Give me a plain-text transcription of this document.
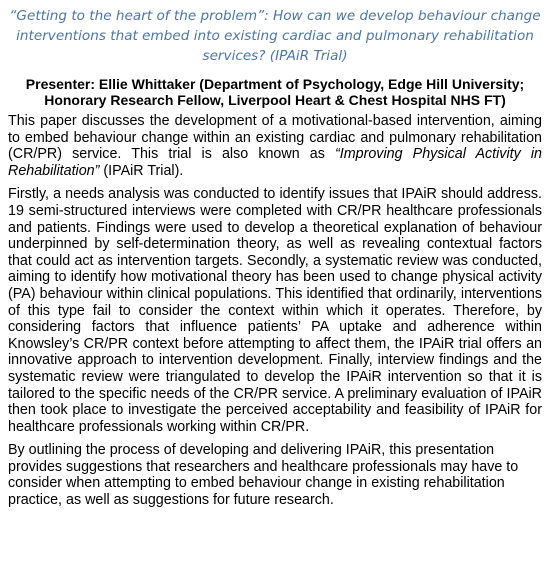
“Getting to the heart of the problem”: How can we develop behaviour change interventions that embed into existing cardiac and pulmonary rehabilitation services? (IPAiR Trial)
Presenter: Ellie Whittaker (Department of Psychology, Edge Hill University; Honorary Research Fellow, Liverpool Heart & Chest Hospital NHS FT)
This paper discusses the development of a motivational-based intervention, aiming to embed behaviour change within an existing cardiac and pulmonary rehabilitation (CR/PR) service. This trial is also known as “Improving Physical Activity in Rehabilitation” (IPAiR Trial).
Firstly, a needs analysis was conducted to identify issues that IPAiR should address. 19 semi-structured interviews were completed with CR/PR healthcare professionals and patients. Findings were used to develop a theoretical explanation of behaviour underpinned by self-determination theory, as well as revealing contextual factors that could act as intervention targets. Secondly, a systematic review was conducted, aiming to identify how motivational theory has been used to change physical activity (PA) behaviour within clinical populations. This identified that ordinarily, interventions of this type fail to consider the context within which it operates. Therefore, by considering factors that influence patients’ PA uptake and adherence within Knowsley’s CR/PR context before attempting to affect them, the IPAiR trial offers an innovative approach to intervention development. Finally, interview findings and the systematic review were triangulated to develop the IPAiR intervention so that it is tailored to the specific needs of the CR/PR service. A preliminary evaluation of IPAiR then took place to investigate the perceived acceptability and feasibility of IPAiR for healthcare professionals working within CR/PR.
By outlining the process of developing and delivering IPAiR, this presentation provides suggestions that researchers and healthcare professionals may have to consider when attempting to embed behaviour change in existing rehabilitation practice, as well as suggestions for future research.
